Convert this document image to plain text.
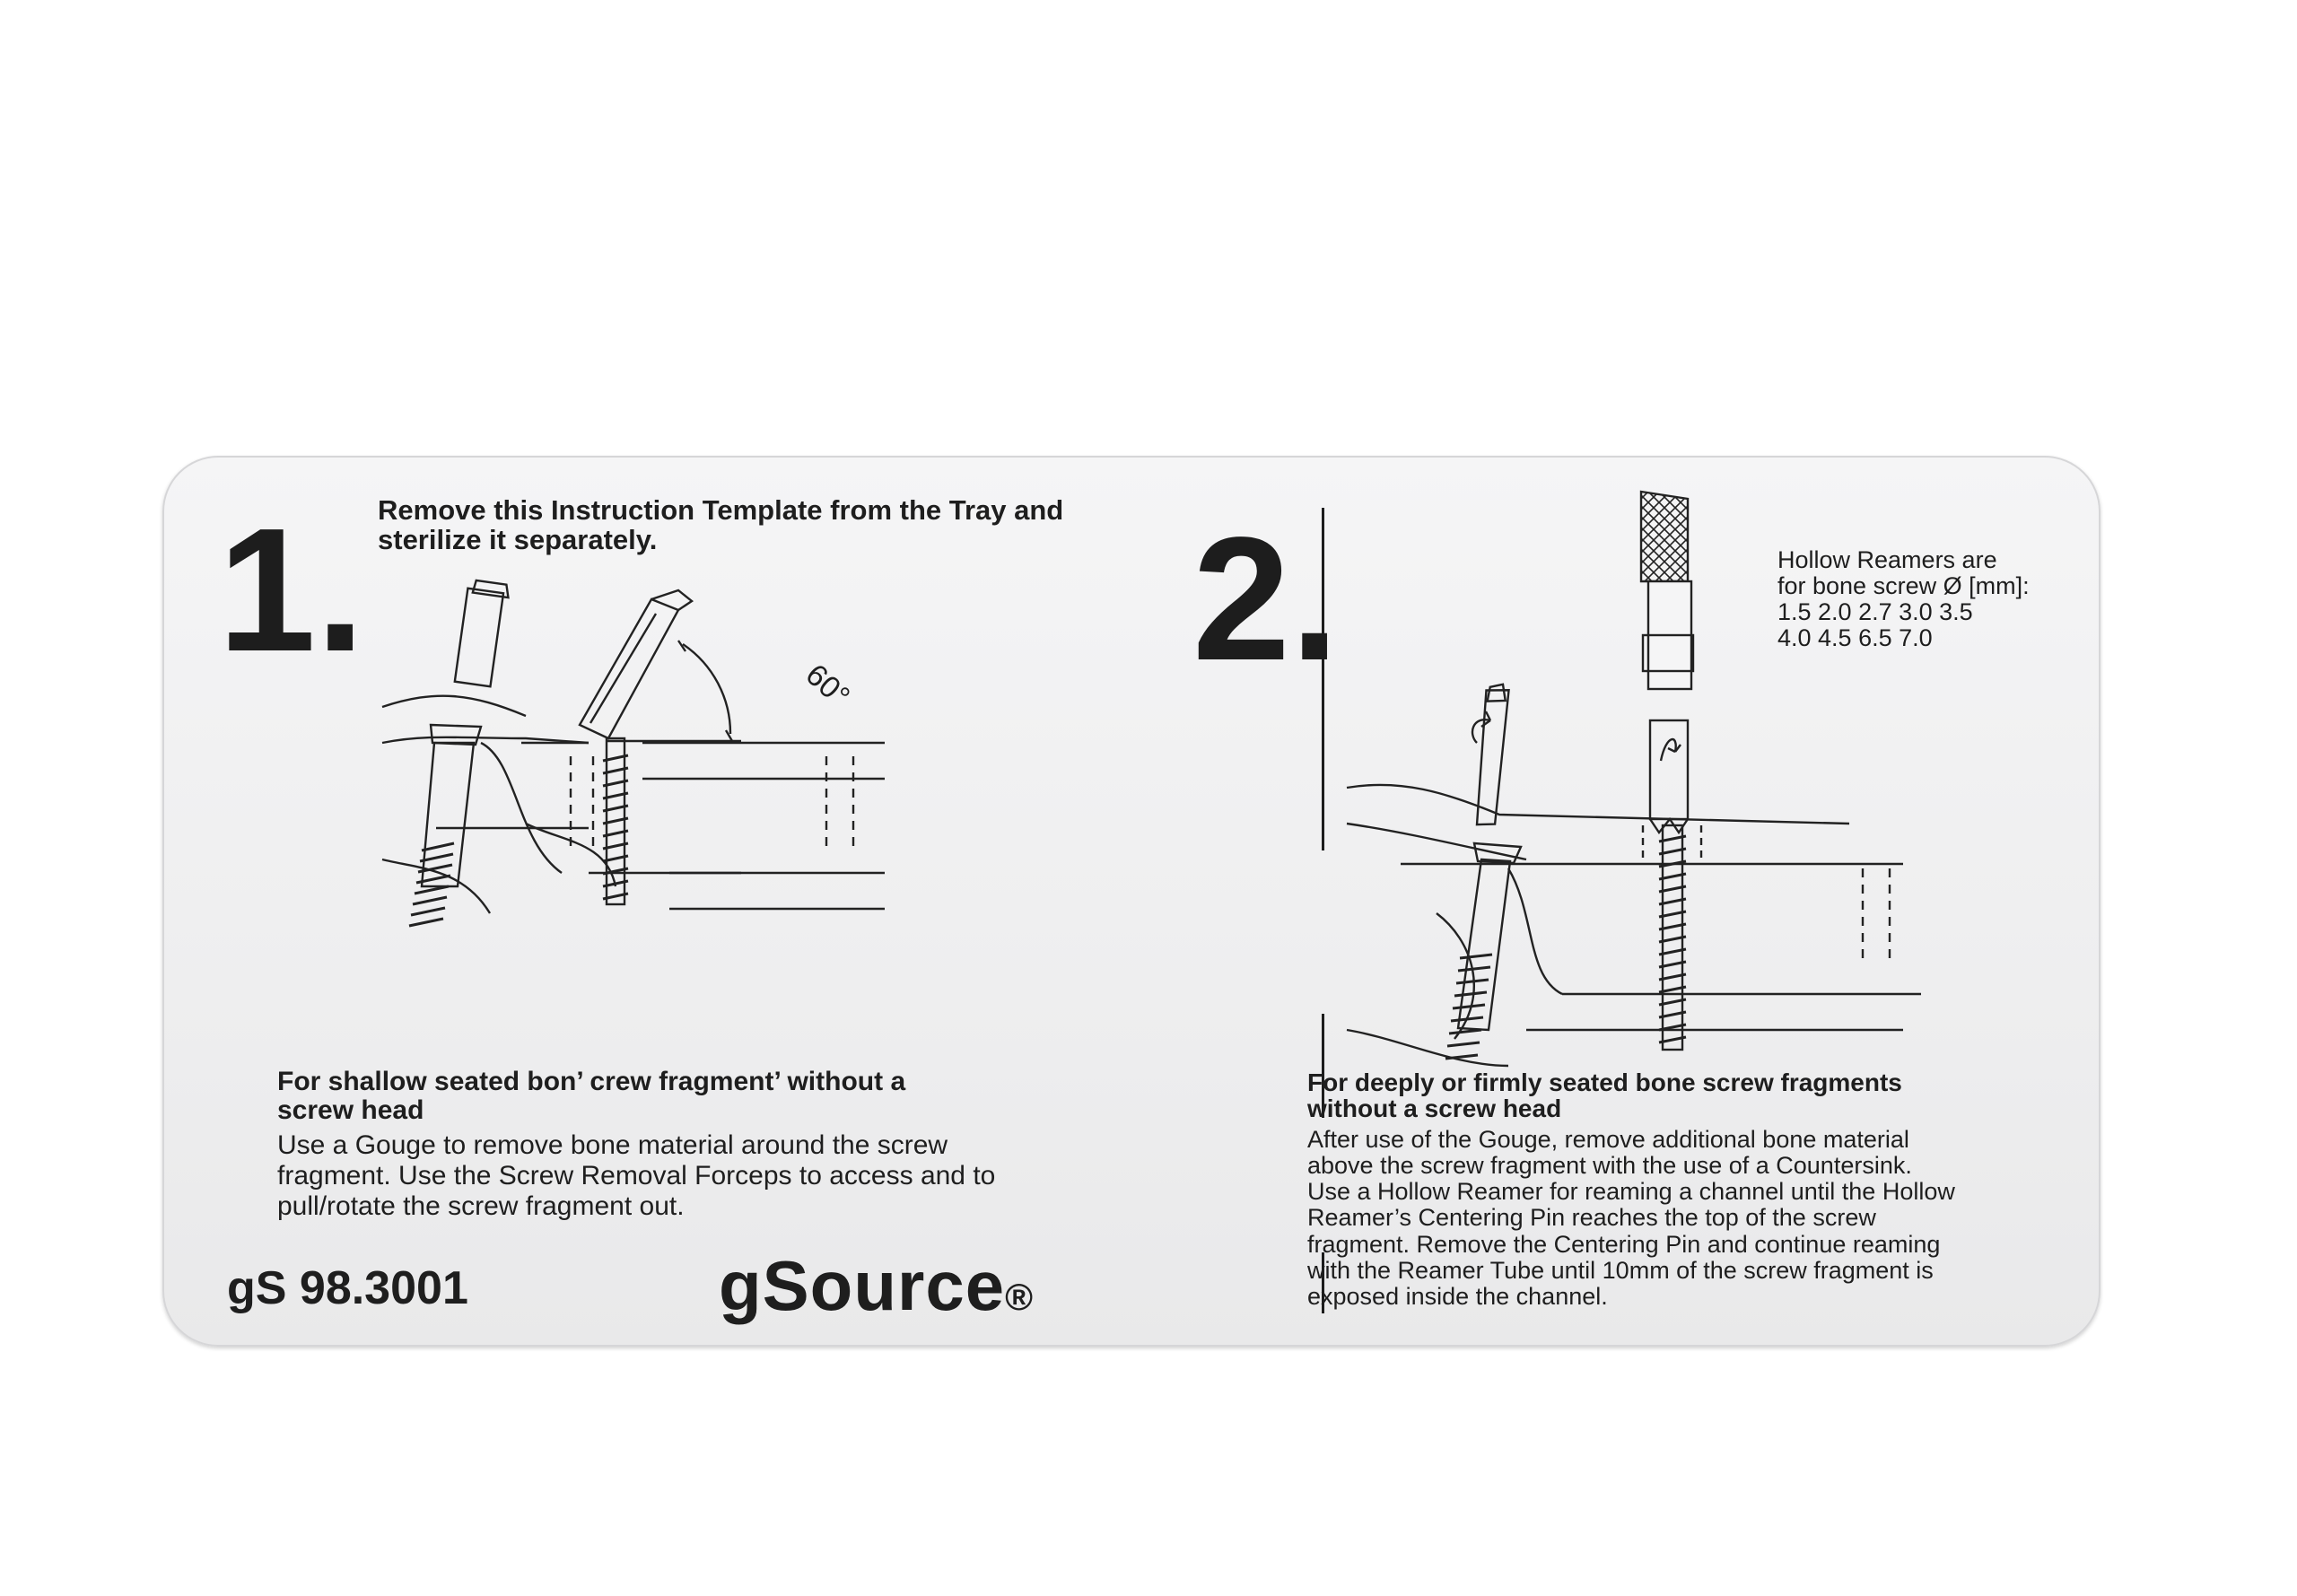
1. Remove this Instruction Template from the Tray and
sterilize it separately.
60°
For shallow seated bon’ crew fragment’ without a
screw head
Use a Gouge to remove bone material around the screw
fragment. Use the Screw Removal Forceps to access and to
pull/rotate the screw fragment out.
gS 98.3001	gSource®
2.	Hollow Reamers are
for bone screw Ø [mm]:
1.5 2.0 2.7 3.0 3.5
4.0 4.5 6.5 7.0
For deeply or firmly seated bone screw fragments
without a screw head
After use of the Gouge, remove additional bone material
above the screw fragment with the use of a Countersink.
Use a Hollow Reamer for reaming a channel until the Hollow
Reamer’s Centering Pin reaches the top of the screw
fragment. Remove the Centering Pin and continue reaming
with the Reamer Tube until 10mm of the screw fragment is
exposed inside the channel.
